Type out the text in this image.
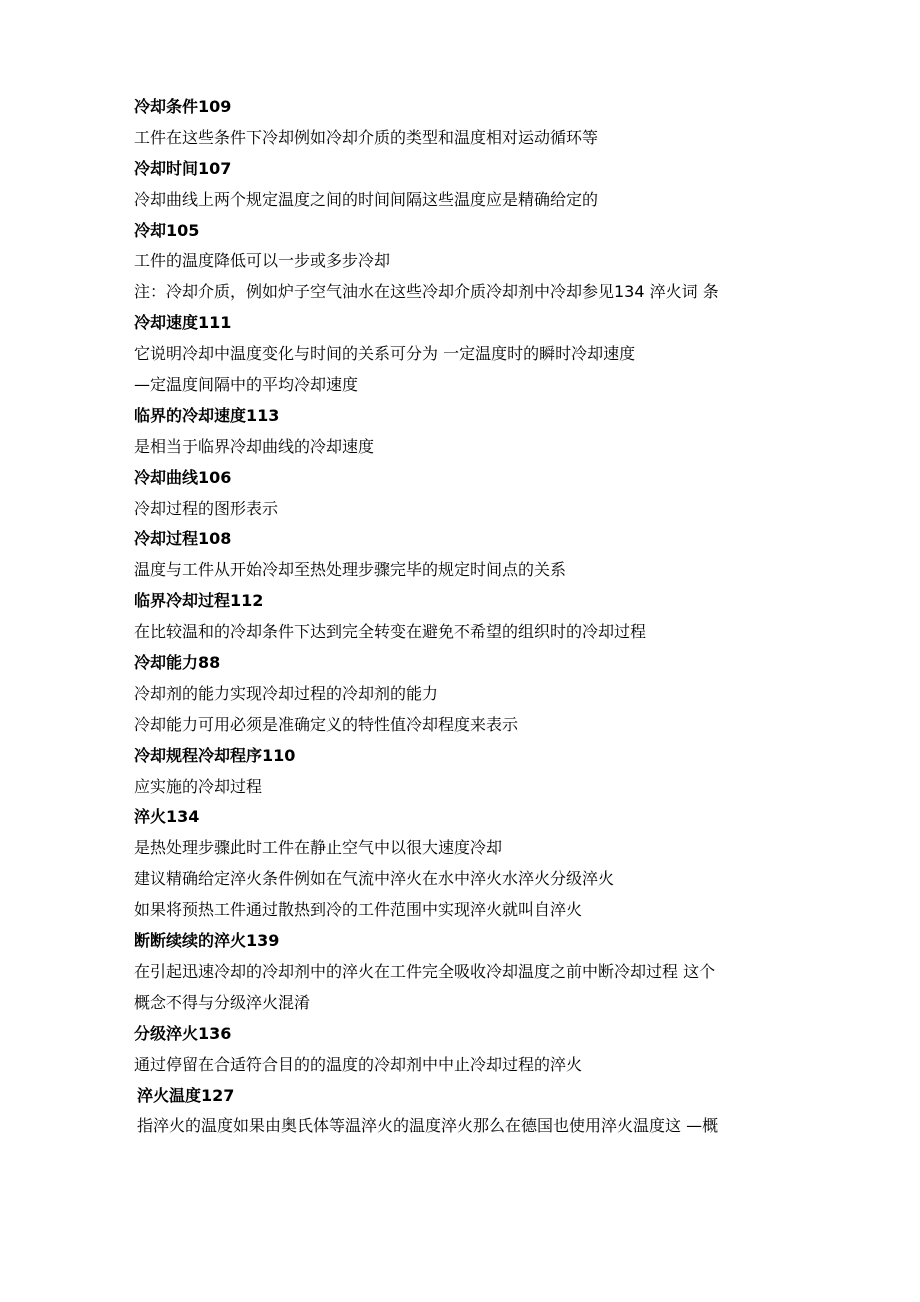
冷却条件109
工件在这些条件下冷却例如冷却介质的类型和温度相对运动循环等
冷却时间107
冷却曲线上两个规定温度之间的时间间隔这些温度应是精确给定的
冷却105
工件的温度降低可以一步或多步冷却
注：冷却介质，例如炉子空气油水在这些冷却介质冷却剂中冷却参见134 淬火词 条
冷却速度111
它说明冷却中温度变化与时间的关系可分为 一定温度时的瞬时冷却速度
—定温度间隔中的平均冷却速度
临界的冷却速度113
是相当于临界冷却曲线的冷却速度
冷却曲线106
冷却过程的图形表示
冷却过程108
温度与工件从开始冷却至热处理步骤完毕的规定时间点的关系
临界冷却过程112
在比较温和的冷却条件下达到完全转变在避免不希望的组织时的冷却过程
冷却能力88
冷却剂的能力实现冷却过程的冷却剂的能力
冷却能力可用必须是准确定义的特性值冷却程度来表示
冷却规程冷却程序110
应实施的冷却过程
淬火134
是热处理步骤此时工件在静止空气中以很大速度冷却
建议精确给定淬火条件例如在气流中淬火在水中淬火水淬火分级淬火
如果将预热工件通过散热到冷的工件范围中实现淬火就叫自淬火
断断续续的淬火139
在引起迅速冷却的冷却剂中的淬火在工件完全吸收冷却温度之前中断冷却过程 这个
概念不得与分级淬火混淆
分级淬火136
通过停留在合适符合目的的温度的冷却剂中中止冷却过程的淬火
淬火温度127
指淬火的温度如果由奥氏体等温淬火的温度淬火那么在德国也使用淬火温度这 —概
